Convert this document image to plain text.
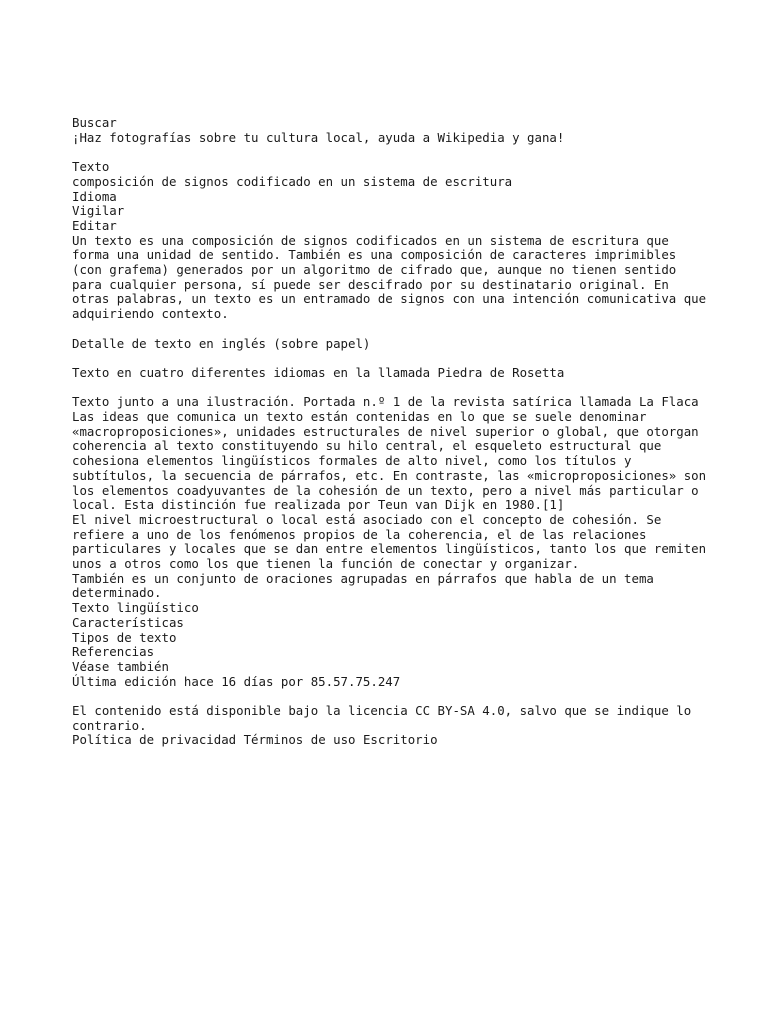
Buscar
¡Haz fotografías sobre tu cultura local, ayuda a Wikipedia y gana!
Texto
composición de signos codificado en un sistema de escritura
Idioma
Vigilar
Editar
Un texto es una composición de signos codificados en un sistema de escritura que forma una unidad de sentido. También es una composición de caracteres imprimibles (con grafema) generados por un algoritmo de cifrado que, aunque no tienen sentido para cualquier persona, sí puede ser descifrado por su destinatario original. En otras palabras, un texto es un entramado de signos con una intención comunicativa que adquiriendo contexto.
Detalle de texto en inglés (sobre papel)
Texto en cuatro diferentes idiomas en la llamada Piedra de Rosetta
Texto junto a una ilustración. Portada n.º 1 de la revista satírica llamada La Flaca
Las ideas que comunica un texto están contenidas en lo que se suele denominar «macroproposiciones», unidades estructurales de nivel superior o global, que otorgan coherencia al texto constituyendo su hilo central, el esqueleto estructural que cohesiona elementos lingüísticos formales de alto nivel, como los títulos y subtítulos, la secuencia de párrafos, etc. En contraste, las «microproposiciones» son los elementos coadyuvantes de la cohesión de un texto, pero a nivel más particular o local. Esta distinción fue realizada por Teun van Dijk en 1980.[1]
El nivel microestructural o local está asociado con el concepto de cohesión. Se refiere a uno de los fenómenos propios de la coherencia, el de las relaciones particulares y locales que se dan entre elementos lingüísticos, tanto los que remiten unos a otros como los que tienen la función de conectar y organizar.
También es un conjunto de oraciones agrupadas en párrafos que habla de un tema determinado.
Texto lingüístico
Características
Tipos de texto
Referencias
Véase también
Última edición hace 16 días por 85.57.75.247
El contenido está disponible bajo la licencia CC BY-SA 4.0, salvo que se indique lo contrario.
Política de privacidad Términos de uso Escritorio
